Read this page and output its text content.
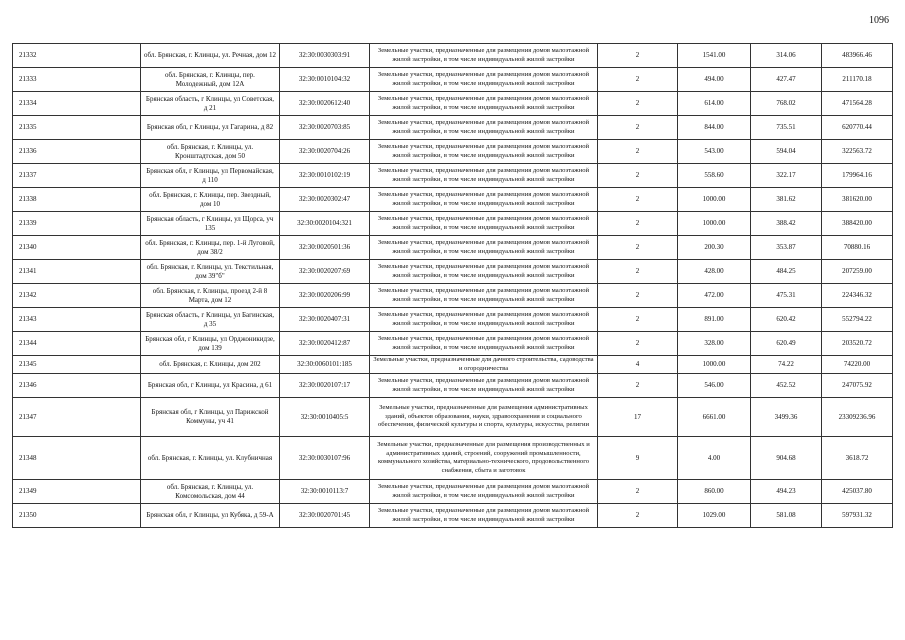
1096
21332	обл. Брянская, г. Клинцы, ул. Речная, дом 12	32:30:0030303:91	Земельные участки, предназначенные для размещения домов малоэтажной жилой застройки, в том числе индивидуальной жилой застройки	2	1541.00	314.06	483966.46
21333	обл. Брянская, г. Клинцы, пер. Молодежный, дом 12А	32:30:0010104:32	Земельные участки, предназначенные для размещения домов малоэтажной жилой застройки, в том числе индивидуальной жилой застройки	2	494.00	427.47	211170.18
21334	Брянская область, г Клинцы, ул Советская, д 21	32:30:0020612:40	Земельные участки, предназначенные для размещения домов малоэтажной жилой застройки, в том числе индивидуальной жилой застройки	2	614.00	768.02	471564.28
21335	Брянская обл, г Клинцы, ул Гагарина, д 82	32:30:0020703:85	Земельные участки, предназначенные для размещения домов малоэтажной жилой застройки, в том числе индивидуальной жилой застройки	2	844.00	735.51	620770.44
21336	обл. Брянская, г. Клинцы, ул. Кронштадтская, дом 50	32:30:0020704:26	Земельные участки, предназначенные для размещения домов малоэтажной жилой застройки, в том числе индивидуальной жилой застройки	2	543.00	594.04	322563.72
21337	Брянская обл, г Клинцы, ул Первомайская, д 110	32:30:0010102:19	Земельные участки, предназначенные для размещения домов малоэтажной жилой застройки, в том числе индивидуальной жилой застройки	2	558.60	322.17	179964.16
21338	обл. Брянская, г. Клинцы, пер. Звездный, дом 10	32:30:0020302:47	Земельные участки, предназначенные для размещения домов малоэтажной жилой застройки, в том числе индивидуальной жилой застройки	2	1000.00	381.62	381620.00
21339	Брянская область, г Клинцы, ул Щорса, уч 135	32:30:0020104:321	Земельные участки, предназначенные для размещения домов малоэтажной жилой застройки, в том числе индивидуальной жилой застройки	2	1000.00	388.42	388420.00
21340	обл. Брянская, г. Клинцы, пер. 1-й Луговой, дом 38/2	32:30:0020501:36	Земельные участки, предназначенные для размещения домов малоэтажной жилой застройки, в том числе индивидуальной жилой застройки	2	200.30	353.87	70880.16
21341	обл. Брянская, г. Клинцы, ул. Текстильная, дом 39"б"	32:30:0020207:69	Земельные участки, предназначенные для размещения домов малоэтажной жилой застройки, в том числе индивидуальной жилой застройки	2	428.00	484.25	207259.00
21342	обл. Брянская, г. Клинцы, проезд 2-й 8 Марта, дом 12	32:30:0020206:99	Земельные участки, предназначенные для размещения домов малоэтажной жилой застройки, в том числе индивидуальной жилой застройки	2	472.00	475.31	224346.32
21343	Брянская область, г Клинцы, ул Багинская, д 35	32:30:0020407:31	Земельные участки, предназначенные для размещения домов малоэтажной жилой застройки, в том числе индивидуальной жилой застройки	2	891.00	620.42	552794.22
21344	Брянская обл, г Клинцы, ул Орджоникидзе, дом 139	32:30:0020412:87	Земельные участки, предназначенные для размещения домов малоэтажной жилой застройки, в том числе индивидуальной жилой застройки	2	328.00	620.49	203520.72
21345	обл. Брянская, г. Клинцы, дом 202	32:30:0060101:185	Земельные участки, предназначенные для дачного строительства, садоводства и огородничества	4	1000.00	74.22	74220.00
21346	Брянская обл, г Клинцы, ул Красина, д 61	32:30:0020107:17	Земельные участки, предназначенные для размещения домов малоэтажной жилой застройки, в том числе индивидуальной жилой застройки	2	546.00	452.52	247075.92
21347	Брянская обл, г Клинцы, ул Парижской Коммуны, уч 41	32:30:0010405:5	Земельные участки, предназначенные для размещения административных зданий, объектов образования, науки, здравоохранения и социального обеспечения, физической культуры и спорта, культуры, искусства, религии	17	6661.00	3499.36	23309236.96
21348	обл. Брянская, г. Клинцы, ул. Клубничная	32:30:0030107:96	Земельные участки, предназначенные для размещения производственных и административных зданий, строений, сооружений промышленности, коммунального хозяйства, материально-технического, продовольственного снабжения, сбыта и заготовок	9	4.00	904.68	3618.72
21349	обл. Брянская, г. Клинцы, ул. Комсомольская, дом 44	32:30:0010113:7	Земельные участки, предназначенные для размещения домов малоэтажной жилой застройки, в том числе индивидуальной жилой застройки	2	860.00	494.23	425037.80
21350	Брянская обл, г Клинцы, ул Кубяка, д 59-А	32:30:0020701:45	Земельные участки, предназначенные для размещения домов малоэтажной жилой застройки, в том числе индивидуальной жилой застройки	2	1029.00	581.08	597931.32
